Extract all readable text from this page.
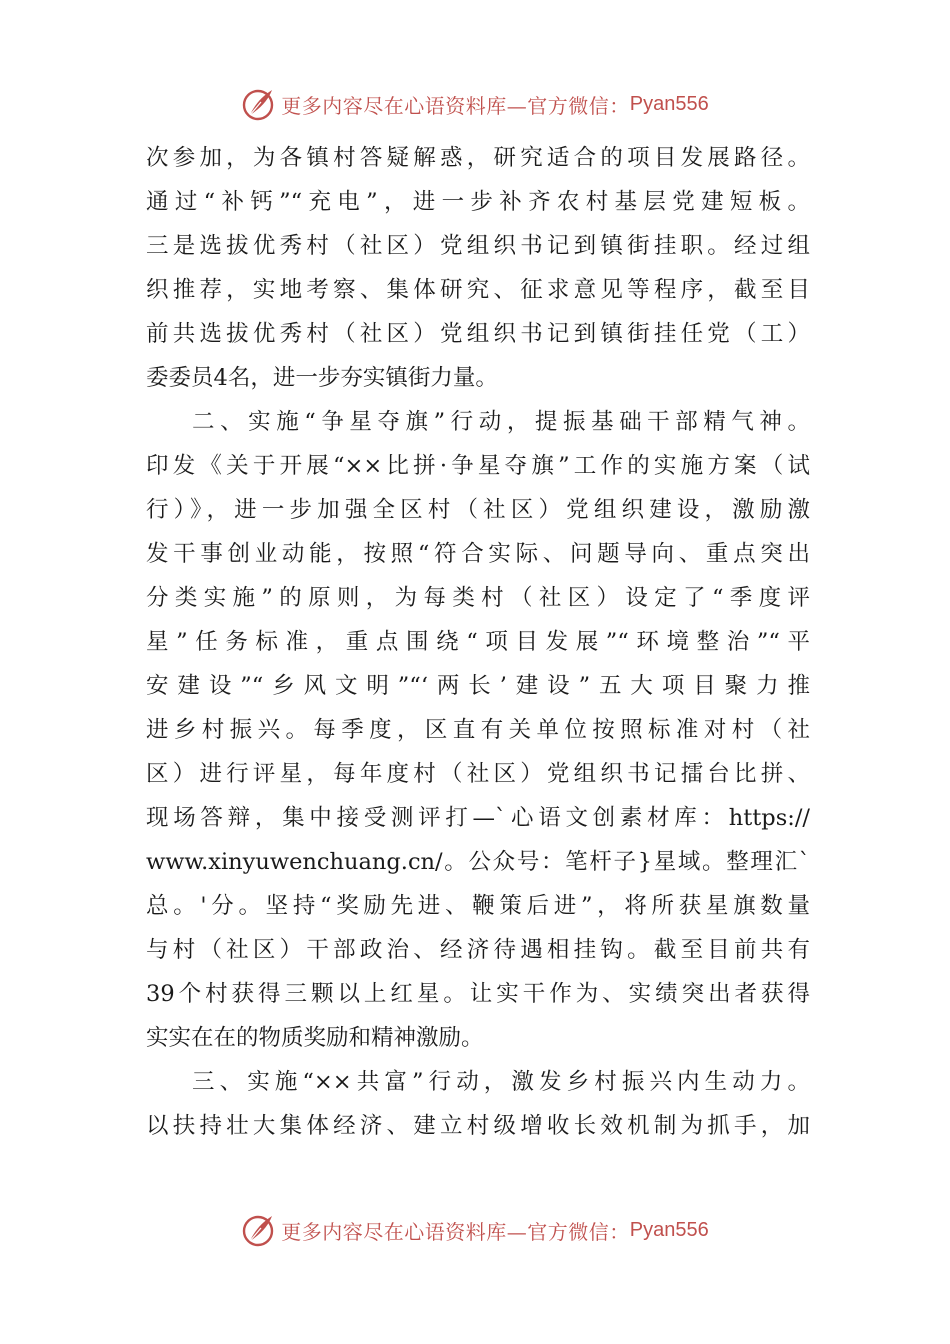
更多内容尽在心语资料库—官方微信： Pyan556
次参加，为各镇村答疑解惑，研究适合的项目发展路径。
通过“补钙”“充电”，进一步补齐农村基层党建短板。
三是选拔优秀村（社区）党组织书记到镇街挂职。经过组
织推荐，实地考察、集体研究、征求意见等程序，截至目
前共选拔优秀村（社区）党组织书记到镇街挂任党（工）
委委员4名，进一步夯实镇街力量。
二、实施“争星夺旗”行动，提振基础干部精气神。
印发《关于开展“××比拼·争星夺旗”工作的实施方案（试
行）》，进一步加强全区村（社区）党组织建设，激励激
发干事创业动能，按照“符合实际、问题导向、重点突出
分类实施”的原则，为每类村（社区）设定了“季度评
星”任务标准，重点围绕“项目发展”“环境整治”“平
安建设”“乡风文明”“‘两长’建设”五大项目聚力推
进乡村振兴。每季度，区直有关单位按照标准对村（社
区）进行评星，每年度村（社区）党组织书记擂台比拼、
现场答辩，集中接受测评打—`心语文创素材库：https://
www.xinyuwenchuang.cn/。公众号：笔杆子}星域。整理汇`
总。'分。坚持“奖励先进、鞭策后进”，将所获星旗数量
与村（社区）干部政治、经济待遇相挂钩。截至目前共有
39个村获得三颗以上红星。让实干作为、实绩突出者获得
实实在在的物质奖励和精神激励。
三、实施“××共富”行动，激发乡村振兴内生动力。
以扶持壮大集体经济、建立村级增收长效机制为抓手，加
更多内容尽在心语资料库—官方微信： Pyan556
